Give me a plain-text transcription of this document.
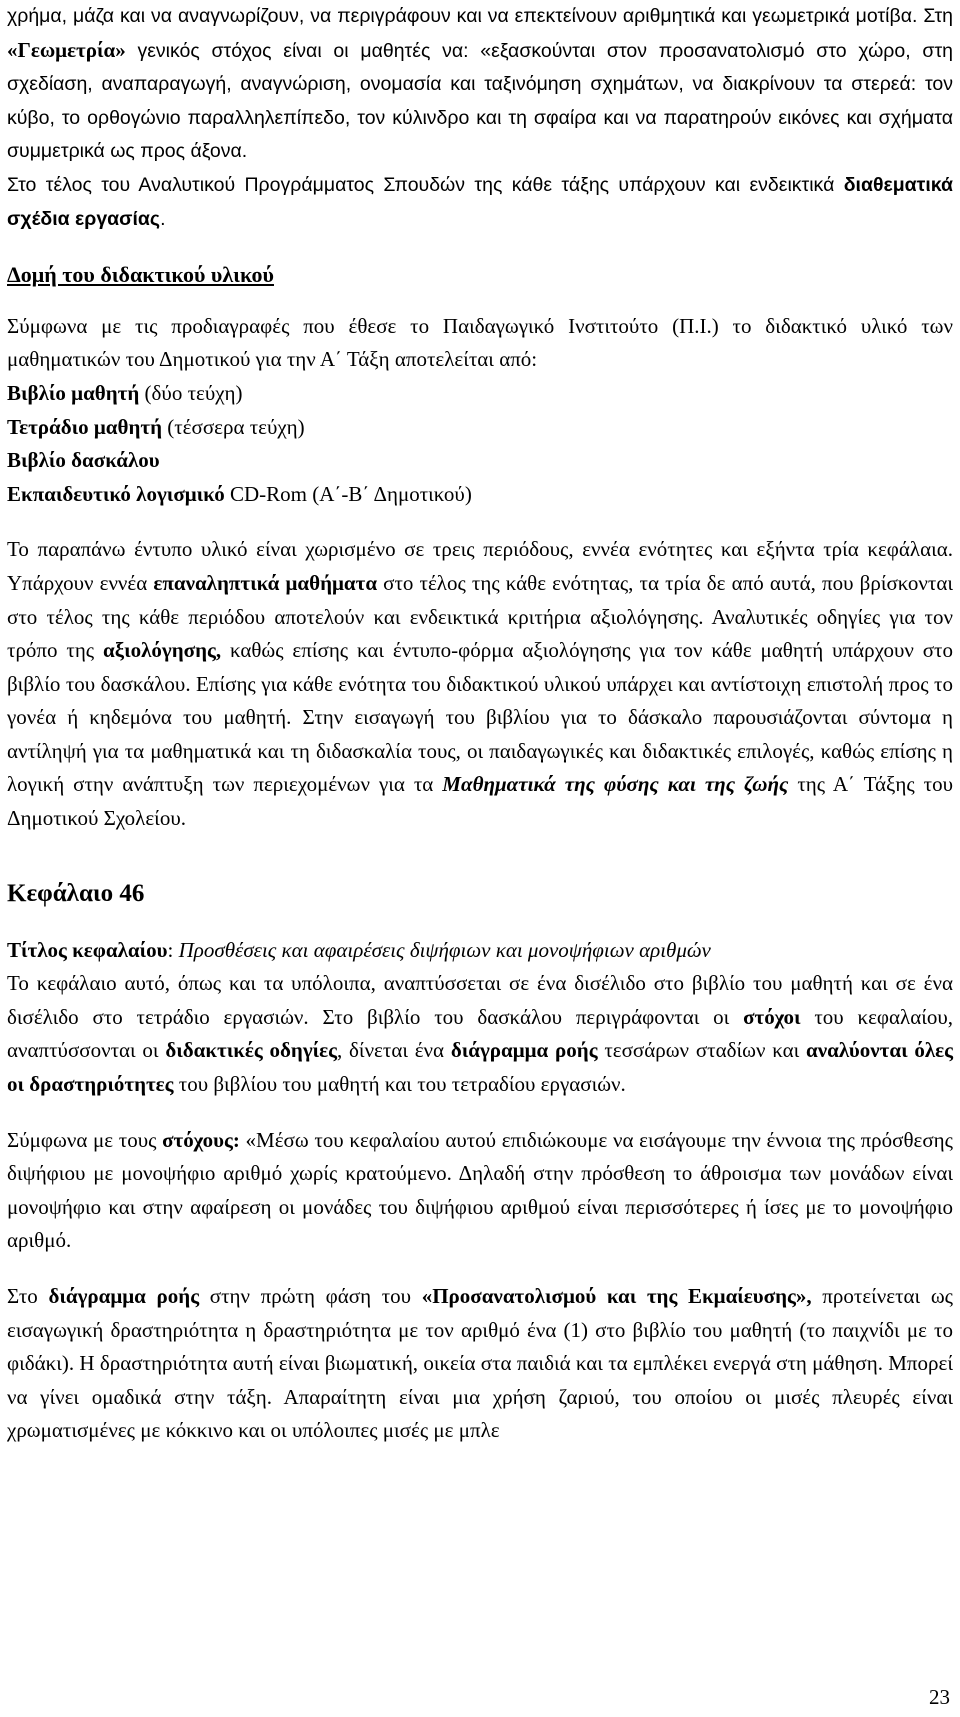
χρήμα, μάζα και να αναγνωρίζουν, να περιγράφουν και να επεκτείνουν αριθμητικά και γεωμετρικά μοτίβα. Στη «Γεωμετρία» γενικός στόχος είναι οι μαθητές να: «εξασκούνται στον προσανατολισμό στο χώρο, στη σχεδίαση, αναπαραγωγή, αναγνώριση, ονομασία και ταξινόμηση σχημάτων, να διακρίνουν τα στερεά: τον κύβο, το ορθογώνιο παραλληλεπίπεδο, τον κύλινδρο και τη σφαίρα και να παρατηρούν εικόνες και σχήματα συμμετρικά ως προς άξονα.

Στο τέλος του Αναλυτικού Προγράμματος Σπουδών της κάθε τάξης υπάρχουν και ενδεικτικά διαθεματικά σχέδια εργασίας.

Δομή του διδακτικού υλικού

Σύμφωνα με τις προδιαγραφές που έθεσε το Παιδαγωγικό Ινστιτούτο (Π.Ι.) το διδακτικό υλικό των μαθηματικών του Δημοτικού για την Α΄ Τάξη αποτελείται από:

Βιβλίο μαθητή (δύο τεύχη)
Τετράδιο μαθητή (τέσσερα τεύχη)
Βιβλίο δασκάλου
Εκπαιδευτικό λογισμικό CD-Rom (Α΄-Β΄ Δημοτικού)

Το παραπάνω έντυπο υλικό είναι χωρισμένο σε τρεις περιόδους, εννέα ενότητες και εξήντα τρία κεφάλαια. Υπάρχουν εννέα επαναληπτικά μαθήματα στο τέλος της κάθε ενότητας, τα τρία δε από αυτά, που βρίσκονται στο τέλος της κάθε περιόδου αποτελούν και ενδεικτικά κριτήρια αξιολόγησης. Αναλυτικές οδηγίες για τον τρόπο της αξιολόγησης, καθώς επίσης και έντυπο-φόρμα αξιολόγησης για τον κάθε μαθητή υπάρχουν στο βιβλίο του δασκάλου. Επίσης για κάθε ενότητα του διδακτικού υλικού υπάρχει και αντίστοιχη επιστολή προς το γονέα ή κηδεμόνα του μαθητή. Στην εισαγωγή του βιβλίου για το δάσκαλο παρουσιάζονται σύντομα η αντίληψή για τα μαθηματικά και τη διδασκαλία τους, οι παιδαγωγικές και διδακτικές επιλογές, καθώς επίσης η λογική στην ανάπτυξη των περιεχομένων για τα Μαθηματικά της φύσης και της ζωής της Α΄ Τάξης του Δημοτικού Σχολείου.

Κεφάλαιο 46

Τίτλος κεφαλαίου: Προσθέσεις και αφαιρέσεις διψήφιων και μονοψήφιων αριθμών

Το κεφάλαιο αυτό, όπως και τα υπόλοιπα, αναπτύσσεται σε ένα δισέλιδο στο βιβλίο του μαθητή και σε ένα δισέλιδο στο τετράδιο εργασιών. Στο βιβλίο του δασκάλου περιγράφονται οι στόχοι του κεφαλαίου, αναπτύσσονται οι διδακτικές οδηγίες, δίνεται ένα διάγραμμα ροής τεσσάρων σταδίων και αναλύονται όλες οι δραστηριότητες του βιβλίου του μαθητή και του τετραδίου εργασιών.

Σύμφωνα με τους στόχους: «Μέσω του κεφαλαίου αυτού επιδιώκουμε να εισάγουμε την έννοια της πρόσθεσης διψήφιου με μονοψήφιο αριθμό χωρίς κρατούμενο. Δηλαδή στην πρόσθεση το άθροισμα των μονάδων είναι μονοψήφιο και στην αφαίρεση οι μονάδες του διψήφιου αριθμού είναι περισσότερες ή ίσες με το μονοψήφιο αριθμό.

Στο διάγραμμα ροής στην πρώτη φάση του «Προσανατολισμού και της Εκμαίευσης», προτείνεται ως εισαγωγική δραστηριότητα η δραστηριότητα με τον αριθμό ένα (1) στο βιβλίο του μαθητή (το παιχνίδι με το φιδάκι). Η δραστηριότητα αυτή είναι βιωματική, οικεία στα παιδιά και τα εμπλέκει ενεργά στη μάθηση. Μπορεί να γίνει ομαδικά στην τάξη. Απαραίτητη είναι μια χρήση ζαριού, του οποίου οι μισές πλευρές είναι χρωματισμένες με κόκκινο και οι υπόλοιπες μισές με μπλε

23
